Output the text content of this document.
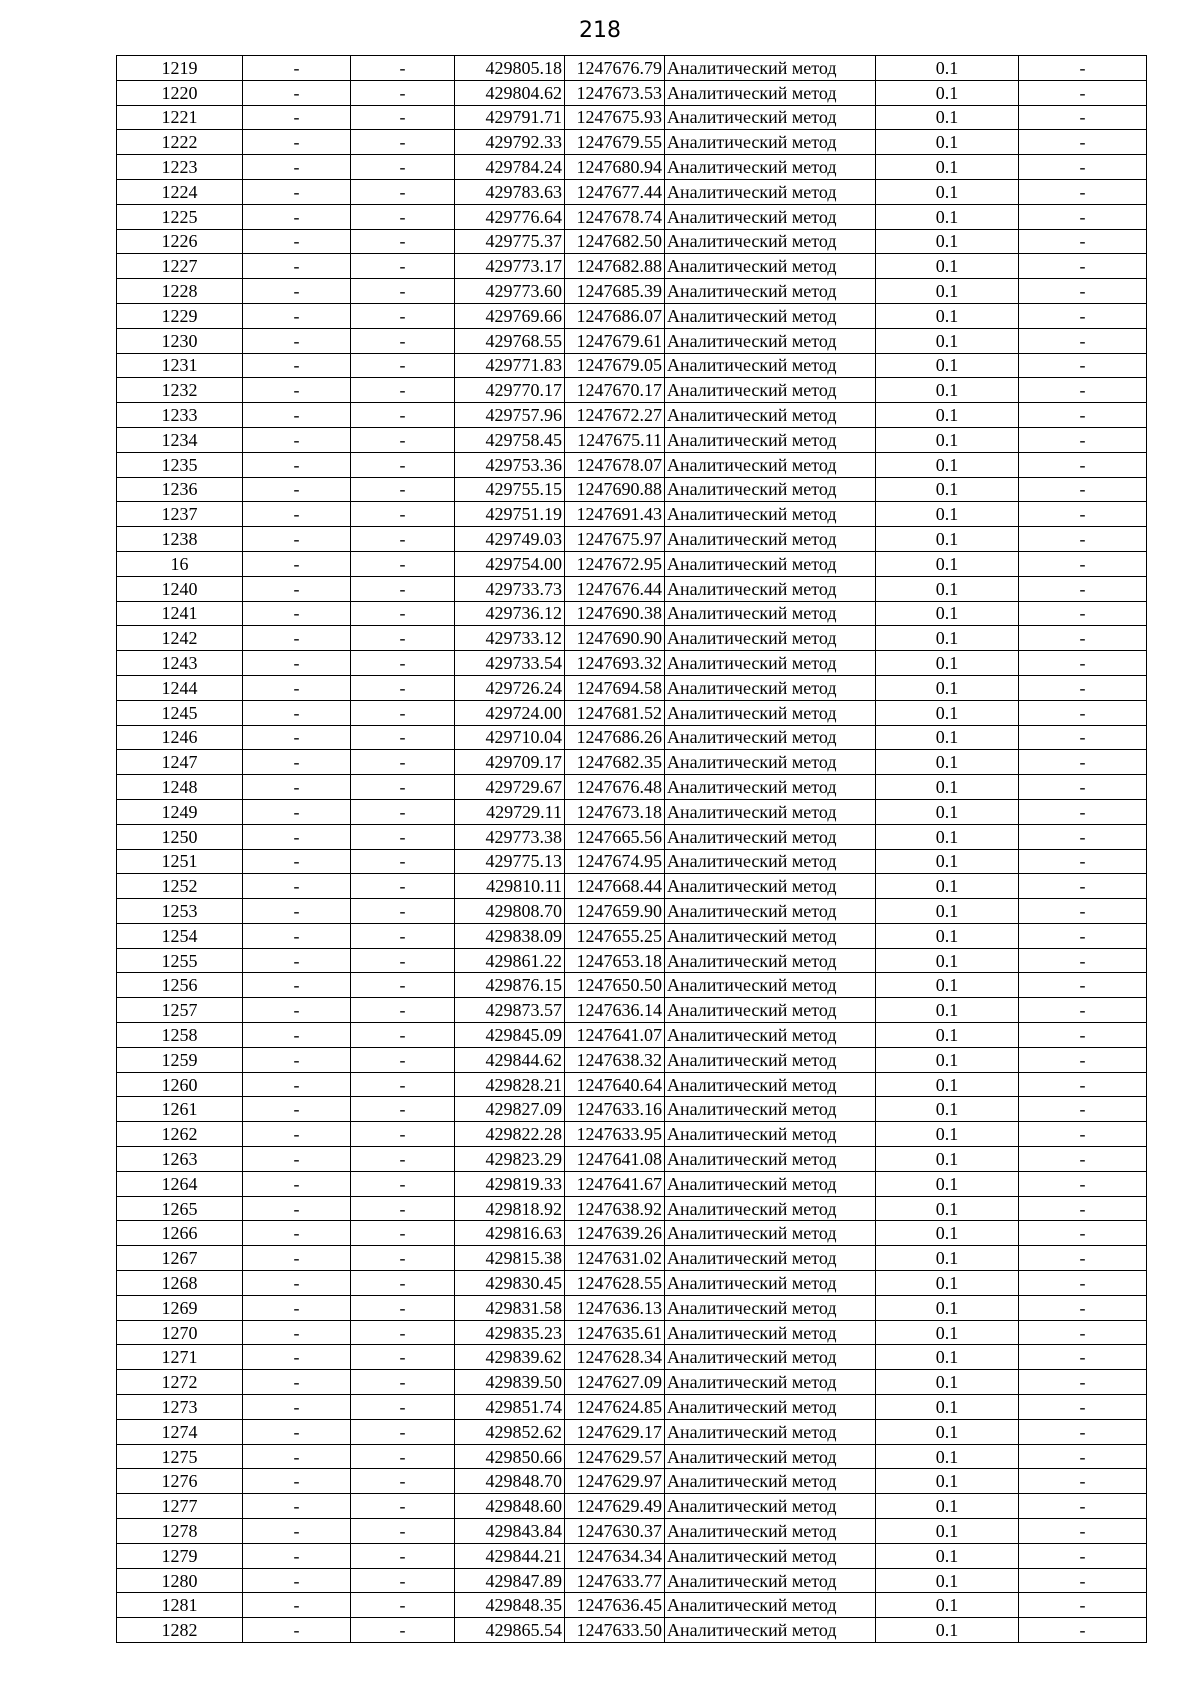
218
1219	-	-	429805.18	1247676.79	Аналитический метод	0.1	-
1220	-	-	429804.62	1247673.53	Аналитический метод	0.1	-
1221	-	-	429791.71	1247675.93	Аналитический метод	0.1	-
1222	-	-	429792.33	1247679.55	Аналитический метод	0.1	-
1223	-	-	429784.24	1247680.94	Аналитический метод	0.1	-
1224	-	-	429783.63	1247677.44	Аналитический метод	0.1	-
1225	-	-	429776.64	1247678.74	Аналитический метод	0.1	-
1226	-	-	429775.37	1247682.50	Аналитический метод	0.1	-
1227	-	-	429773.17	1247682.88	Аналитический метод	0.1	-
1228	-	-	429773.60	1247685.39	Аналитический метод	0.1	-
1229	-	-	429769.66	1247686.07	Аналитический метод	0.1	-
1230	-	-	429768.55	1247679.61	Аналитический метод	0.1	-
1231	-	-	429771.83	1247679.05	Аналитический метод	0.1	-
1232	-	-	429770.17	1247670.17	Аналитический метод	0.1	-
1233	-	-	429757.96	1247672.27	Аналитический метод	0.1	-
1234	-	-	429758.45	1247675.11	Аналитический метод	0.1	-
1235	-	-	429753.36	1247678.07	Аналитический метод	0.1	-
1236	-	-	429755.15	1247690.88	Аналитический метод	0.1	-
1237	-	-	429751.19	1247691.43	Аналитический метод	0.1	-
1238	-	-	429749.03	1247675.97	Аналитический метод	0.1	-
16	-	-	429754.00	1247672.95	Аналитический метод	0.1	-
1240	-	-	429733.73	1247676.44	Аналитический метод	0.1	-
1241	-	-	429736.12	1247690.38	Аналитический метод	0.1	-
1242	-	-	429733.12	1247690.90	Аналитический метод	0.1	-
1243	-	-	429733.54	1247693.32	Аналитический метод	0.1	-
1244	-	-	429726.24	1247694.58	Аналитический метод	0.1	-
1245	-	-	429724.00	1247681.52	Аналитический метод	0.1	-
1246	-	-	429710.04	1247686.26	Аналитический метод	0.1	-
1247	-	-	429709.17	1247682.35	Аналитический метод	0.1	-
1248	-	-	429729.67	1247676.48	Аналитический метод	0.1	-
1249	-	-	429729.11	1247673.18	Аналитический метод	0.1	-
1250	-	-	429773.38	1247665.56	Аналитический метод	0.1	-
1251	-	-	429775.13	1247674.95	Аналитический метод	0.1	-
1252	-	-	429810.11	1247668.44	Аналитический метод	0.1	-
1253	-	-	429808.70	1247659.90	Аналитический метод	0.1	-
1254	-	-	429838.09	1247655.25	Аналитический метод	0.1	-
1255	-	-	429861.22	1247653.18	Аналитический метод	0.1	-
1256	-	-	429876.15	1247650.50	Аналитический метод	0.1	-
1257	-	-	429873.57	1247636.14	Аналитический метод	0.1	-
1258	-	-	429845.09	1247641.07	Аналитический метод	0.1	-
1259	-	-	429844.62	1247638.32	Аналитический метод	0.1	-
1260	-	-	429828.21	1247640.64	Аналитический метод	0.1	-
1261	-	-	429827.09	1247633.16	Аналитический метод	0.1	-
1262	-	-	429822.28	1247633.95	Аналитический метод	0.1	-
1263	-	-	429823.29	1247641.08	Аналитический метод	0.1	-
1264	-	-	429819.33	1247641.67	Аналитический метод	0.1	-
1265	-	-	429818.92	1247638.92	Аналитический метод	0.1	-
1266	-	-	429816.63	1247639.26	Аналитический метод	0.1	-
1267	-	-	429815.38	1247631.02	Аналитический метод	0.1	-
1268	-	-	429830.45	1247628.55	Аналитический метод	0.1	-
1269	-	-	429831.58	1247636.13	Аналитический метод	0.1	-
1270	-	-	429835.23	1247635.61	Аналитический метод	0.1	-
1271	-	-	429839.62	1247628.34	Аналитический метод	0.1	-
1272	-	-	429839.50	1247627.09	Аналитический метод	0.1	-
1273	-	-	429851.74	1247624.85	Аналитический метод	0.1	-
1274	-	-	429852.62	1247629.17	Аналитический метод	0.1	-
1275	-	-	429850.66	1247629.57	Аналитический метод	0.1	-
1276	-	-	429848.70	1247629.97	Аналитический метод	0.1	-
1277	-	-	429848.60	1247629.49	Аналитический метод	0.1	-
1278	-	-	429843.84	1247630.37	Аналитический метод	0.1	-
1279	-	-	429844.21	1247634.34	Аналитический метод	0.1	-
1280	-	-	429847.89	1247633.77	Аналитический метод	0.1	-
1281	-	-	429848.35	1247636.45	Аналитический метод	0.1	-
1282	-	-	429865.54	1247633.50	Аналитический метод	0.1	-
